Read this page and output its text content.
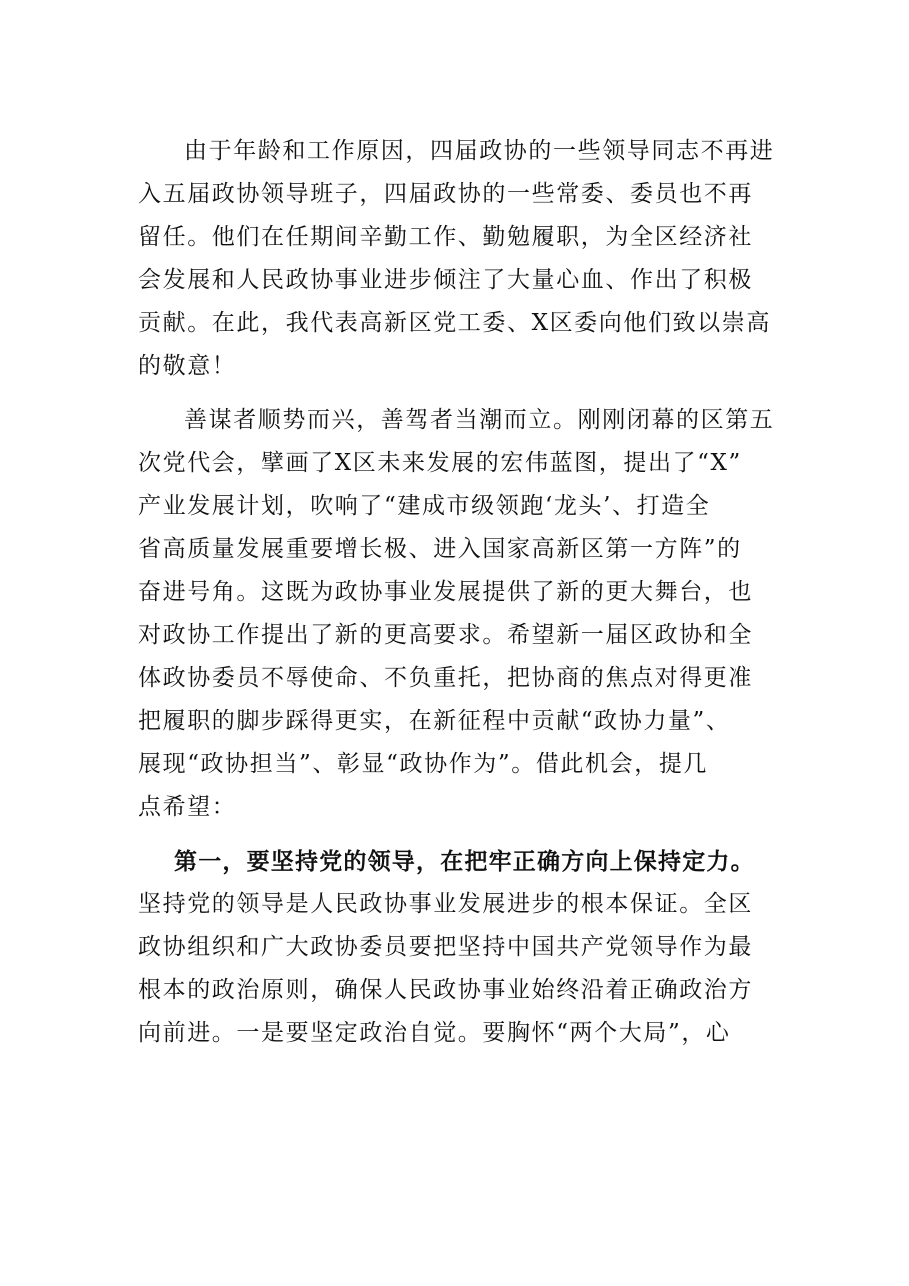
由于年龄和工作原因，四届政协的一些领导同志不再进
入五届政协领导班子，四届政协的一些常委、委员也不再
留任。他们在任期间辛勤工作、勤勉履职，为全区经济社
会发展和人民政协事业进步倾注了大量心血、作出了积极
贡献。在此，我代表高新区党工委、X区委向他们致以崇高
的敬意！

善谋者顺势而兴，善驾者当潮而立。刚刚闭幕的区第五
次党代会，擘画了X区未来发展的宏伟蓝图，提出了“X”
产业发展计划，吹响了“建成市级领跑‘龙头’、打造全
省高质量发展重要增长极、进入国家高新区第一方阵”的
奋进号角。这既为政协事业发展提供了新的更大舞台，也
对政协工作提出了新的更高要求。希望新一届区政协和全
体政协委员不辱使命、不负重托，把协商的焦点对得更准
把履职的脚步踩得更实，在新征程中贡献“政协力量”、
展现“政协担当”、彰显“政协作为”。借此机会，提几
点希望：

第一，要坚持党的领导，在把牢正确方向上保持定力。
坚持党的领导是人民政协事业发展进步的根本保证。全区
政协组织和广大政协委员要把坚持中国共产党领导作为最
根本的政治原则，确保人民政协事业始终沿着正确政治方
向前进。一是要坚定政治自觉。要胸怀“两个大局”，心
